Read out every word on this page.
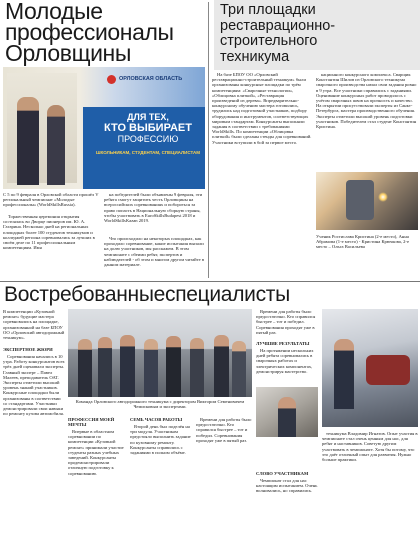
Молодые
профессионалы
Орловщины
ОРЛОВСКАЯ ОБЛАСТЬ
ДЛЯ ТЕХ,
КТО ВЫБИРАЕТ
ПРОФЕССИЮ
ШКОЛЬНИКАМ, СТУДЕНТАМ, СПЕЦИАЛИСТАМ
С 5 по 9 февраля в Орловской области прошёл V региональный чемпионат «Молодые профессионалы» (WorldSkillsRussia).
Торжественная церемония открытия состоялась во Дворце пионеров им. Ю. А. Гагарина. Несколько дней на региональных площадках более 100 студентов техникумов и колледжей региона соревновались за лучших в своём деле по 11 профессиональным компетенциям. Имя
на победителей были объявлены 9 февраля, эти ребята смогут защитить честь Орловщины на всероссийских соревнованиях и побороться за право попасть в Национальную сборную страны, чтобы участвовать в EuroSkillsBudapest 2018 и WorldSkillsKazan 2019.
Что происходило на некоторых площадках, как проходило соревнование, какие испытания выпали на долю участников, мы расскажем. В этом чемпионате с обеими ребят, экспертов и наблюдателей - об этом и многом другом читайте в данном материале.
Три площадки
реставрационно-
строительного
техникума
На базе БПОУ ОО «Орловский реставрационно-строительный техникум» были организованы конкурсные площадки по трём компетенциям: «Сварочные технологии», «Облицовка плиткой», «Реставрация произведений из дерева». Впредварительно-конкурсному обучению мастера готовились, трудились над подготовкой участников, подбору оборудования и инструментов, соответствующих мировым стандартам. Конкурсанты выполняли задания в соответствии с требованиями WorldSkills. По компетенции «Облицовка плиткой» были сделаны стенды для соревнований. Участники вступили в бой за первое место.
кационного конкурсного комплекса. Сварщик Константин Шилов из Орловского техникума сварочного производства начал свои задания ровно в 9 утра. Все участники справились с заданиями. Оценивание конкурсных работ проводилось с учётом сварочных швов на прочность и качество. На открытии присутствовали эксперты из Санкт-Петербурга, мастера производственного обучения. Эксперты отметили высокий уровень подготовки участников. Победителем стал студент Константин Кристина.
Ученик Ростислава Кристина (2-е место), Анна Абрамова (1-е место) - Кристина Крючкова, 2-е место – Ольга Васильева
Востребованныеспециалисты
В компетенции «Кузовной ремонт» будущие мастера соревновались на площадке, организованной на базе БПОУ ОО «Орловский автодорожный техникум».
ЭКСПЕРТНОЕ ЖЮРИ
Соревнования начались в 10 утра. Работу конкурсантов всех трёх дней оценивали эксперты. Главный эксперт – Павел Малеев, преподаватель ОАТ. Эксперты отметили высокий уровень знаний участников. Конкурсные площадки были организованы в соответствии со стандартами. Участники демонстрировали свои навыки по ремонту кузова автомобиля.
Команда Орловского автодорожного техникума с директором Виктором Семеновичем Чемисковым и экспертами.
ПРОФЕССИЯ МОЕЙ МЕЧТЫ
Впервые в областном соревновании по компетенции «Кузовной ремонт» принимали участие студенты разных учебных заведений. Конкурсанты продемонстрировали отличную подготовку к соревнованию.
СЕМЬ ЧАСОВ РАБОТЫ
Второй день был поделён на три модуля. Участникам предстояло выполнить задание по кузовному ремонту. Конкурсанты справились с заданиями в полном объёме.
Времени для работы было предостаточно. Кто справился быстрее – тот и победил. Соревнования проходят уже в пятый раз.
Времени для работы было предостаточно. Кто справился быстрее – тот и победил. Соревнования проходят уже в пятый раз.
ЛУЧШИЕ РЕЗУЛЬТАТЫ
На протяжении нескольких дней ребята соревновались в сварочных работах и электрических компонентах, демонстрируя мастерство.
СЛОВО УЧАСТНИКАМ
Чемпионат стал для нас настоящим испытанием. Очень волновались, но справились.
техникума Владимир Игнатов. Опыт участия в чемпионате стал очень ценным для нас, для ребят и наставников. Советую другим участвовать в чемпионате. Хотя бы потому, что это даёт отличный опыт для развития. Нужно больше практики.
